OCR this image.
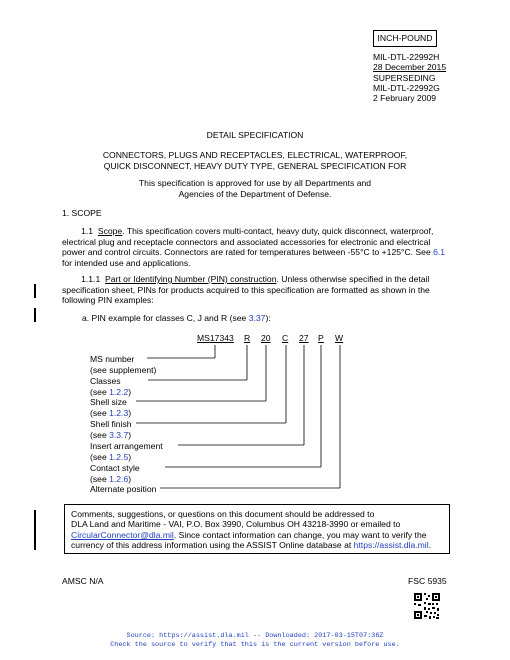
INCH-POUND
MIL-DTL-22992H
28 December 2015
SUPERSEDING
MIL-DTL-22992G
2 February 2009
DETAIL SPECIFICATION
CONNECTORS, PLUGS AND RECEPTACLES, ELECTRICAL, WATERPROOF,
QUICK DISCONNECT, HEAVY DUTY TYPE, GENERAL SPECIFICATION FOR
This specification is approved for use by all Departments and
Agencies of the Department of Defense.
1. SCOPE

1.1 Scope. This specification covers multi-contact, heavy duty, quick disconnect, waterproof, electrical plug and receptacle connectors and associated accessories for electronic and electrical power and control circuits. Connectors are rated for temperatures between -55°C to +125°C. See 6.1 for intended use and applications.

1.1.1 Part or Identifying Number (PIN) construction. Unless otherwise specified in the detail specification sheet, PINs for products acquired to this specification are formatted as shown in the following PIN examples:

a. PIN example for classes C, J and R (see 3.37):
MS17343 R 20 C 27 P W
MS number
(see supplement)
Classes
(see 1.2.2)
Shell size
(see 1.2.3)
Shell finish
(see 3.3.7)
Insert arrangement
(see 1.2.5)
Contact style
(see 1.2.6)
Alternate position
Comments, suggestions, or questions on this document should be addressed to
DLA Land and Maritime - VAI, P.O. Box 3990, Columbus OH 43218-3990 or emailed to
CircularConnector@dla.mil. Since contact information can change, you may want to verify the
currency of this address information using the ASSIST Online database at https://assist.dla.mil.
AMSC N/A	FSC 5935
Source: https://assist.dla.mil -- Downloaded: 2017-03-15T07:36Z
Check the source to verify that this is the current version before use.
